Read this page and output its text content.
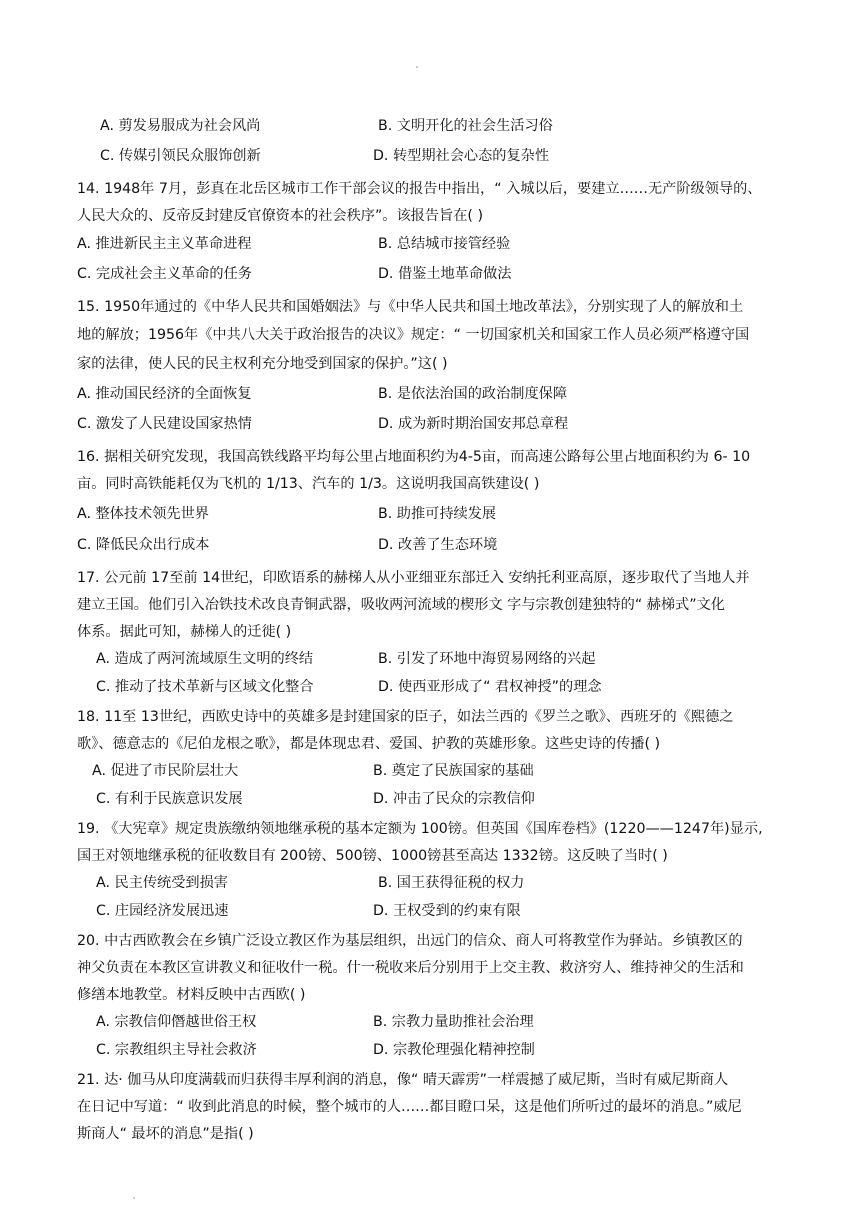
A. 剪发易服成为社会风尚	B. 文明开化的社会生活习俗
C. 传媒引领民众服饰创新	D. 转型期社会心态的复杂性
14. 1948年 7月，彭真在北岳区城市工作干部会议的报告中指出，“ 入城以后，要建立……无产阶级领导的、
人民大众的、反帝反封建反官僚资本的社会秩序”。该报告旨在( )
A. 推进新民主主义革命进程	B. 总结城市接管经验
C. 完成社会主义革命的任务	D. 借鉴土地革命做法
15. 1950年通过的《中华人民共和国婚姻法》与《中华人民共和国土地改革法》，分别实现了人的解放和土
地的解放；1956年《中共八大关于政治报告的决议》规定：“ 一切国家机关和国家工作人员必须严格遵守国
家的法律，使人民的民主权利充分地受到国家的保护。”这( )
A. 推动国民经济的全面恢复	B. 是依法治国的政治制度保障
C. 激发了人民建设国家热情	D. 成为新时期治国安邦总章程
16. 据相关研究发现，我国高铁线路平均每公里占地面积约为4-5亩，而高速公路每公里占地面积约为 6- 10
亩。同时高铁能耗仅为飞机的 1/13、汽车的 1/3。这说明我国高铁建设( )
A. 整体技术领先世界	B. 助推可持续发展
C. 降低民众出行成本	D. 改善了生态环境
17. 公元前 17至前 14世纪，印欧语系的赫梯人从小亚细亚东部迁入 安纳托利亚高原，逐步取代了当地人并
建立王国。他们引入冶铁技术改良青铜武器，吸收两河流域的楔形文 字与宗教创建独特的“ 赫梯式”文化
体系。据此可知，赫梯人的迁徙( )
A. 造成了两河流域原生文明的终结	B. 引发了环地中海贸易网络的兴起
C. 推动了技术革新与区域文化整合	D. 使西亚形成了“ 君权神授”的理念
18. 11至 13世纪，西欧史诗中的英雄多是封建国家的臣子，如法兰西的《罗兰之歌》、西班牙的《熙德之
歌》、德意志的《尼伯龙根之歌》，都是体现忠君、爱国、护教的英雄形象。这些史诗的传播( )
A. 促进了市民阶层壮大	B. 奠定了民族国家的基础
C. 有利于民族意识发展	D. 冲击了民众的宗教信仰
19. 《大宪章》规定贵族缴纳领地继承税的基本定额为 100镑。但英国《国库卷档》(1220——1247年)显示,
国王对领地继承税的征收数目有 200镑、500镑、1000镑甚至高达 1332镑。这反映了当时( )
A. 民主传统受到损害	B. 国王获得征税的权力
C. 庄园经济发展迅速	D. 王权受到的约束有限
20. 中古西欧教会在乡镇广泛设立教区作为基层组织，出远门的信众、商人可将教堂作为驿站。乡镇教区的
神父负责在本教区宣讲教义和征收什一税。什一税收来后分别用于上交主教、救济穷人、维持神父的生活和
修缮本地教堂。材料反映中古西欧( )
A. 宗教信仰僭越世俗王权	B. 宗教力量助推社会治理
C. 宗教组织主导社会救济	D. 宗教伦理强化精神控制
21. 达· 伽马从印度满载而归获得丰厚利润的消息，像“ 晴天霹雳”一样震撼了威尼斯，当时有威尼斯商人
在日记中写道：“ 收到此消息的时候，整个城市的人……都目瞪口呆，这是他们所听过的最坏的消息。”威尼
斯商人“ 最坏的消息”是指( )
